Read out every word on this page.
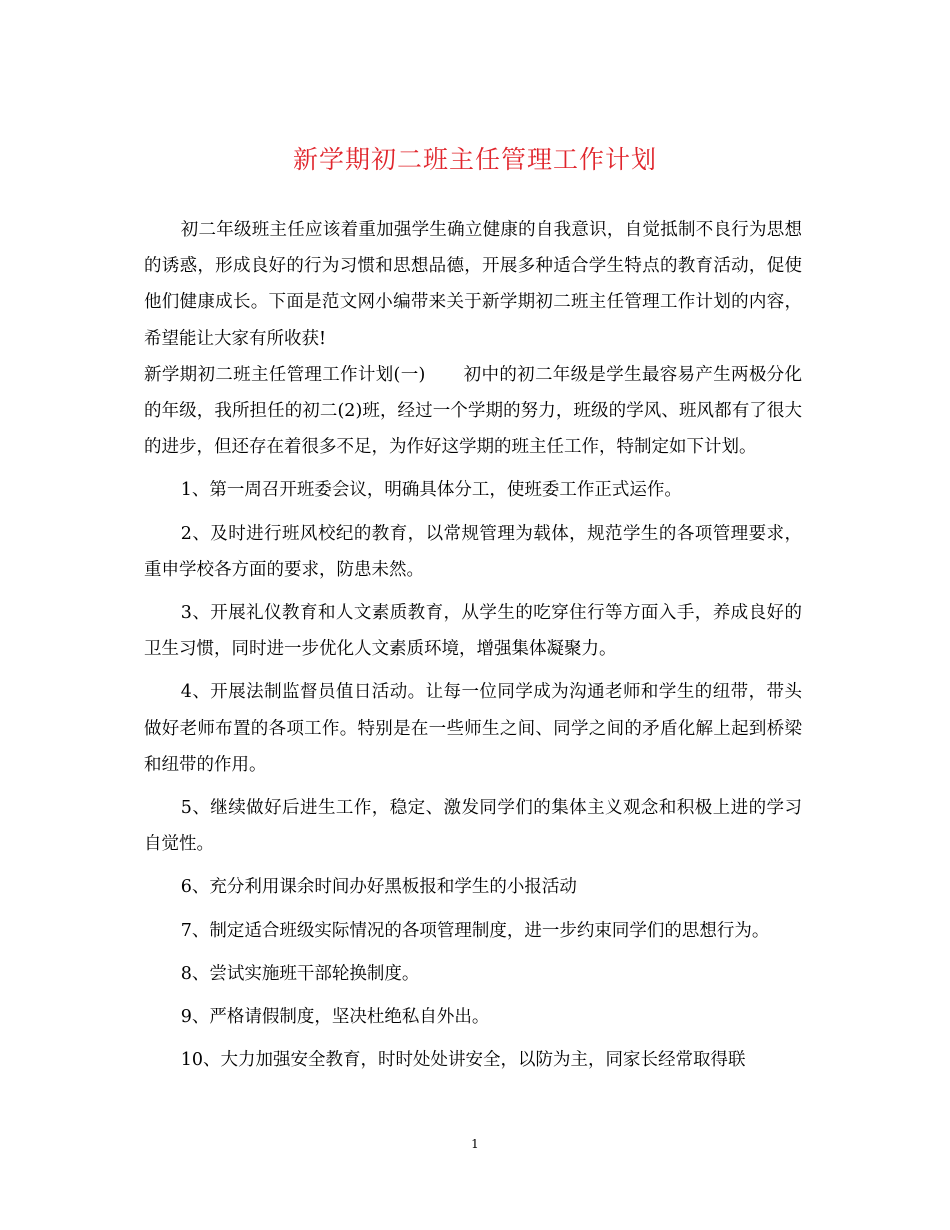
新学期初二班主任管理工作计划

初二年级班主任应该着重加强学生确立健康的自我意识，自觉抵制不良行为思想的诱惑，形成良好的行为习惯和思想品德，开展多种适合学生特点的教育活动，促使他们健康成长。下面是范文网小编带来关于新学期初二班主任管理工作计划的内容，希望能让大家有所收获!

新学期初二班主任管理工作计划(一) 初中的初二年级是学生最容易产生两极分化的年级，我所担任的初二(2)班，经过一个学期的努力，班级的学风、班风都有了很大的进步，但还存在着很多不足，为作好这学期的班主任工作，特制定如下计划。

1、第一周召开班委会议，明确具体分工，使班委工作正式运作。

2、及时进行班风校纪的教育，以常规管理为载体，规范学生的各项管理要求，重申学校各方面的要求，防患未然。

3、开展礼仪教育和人文素质教育，从学生的吃穿住行等方面入手，养成良好的卫生习惯，同时进一步优化人文素质环境，增强集体凝聚力。

4、开展法制监督员值日活动。让每一位同学成为沟通老师和学生的纽带，带头做好老师布置的各项工作。特别是在一些师生之间、同学之间的矛盾化解上起到桥梁和纽带的作用。

5、继续做好后进生工作，稳定、激发同学们的集体主义观念和积极上进的学习自觉性。

6、充分利用课余时间办好黑板报和学生的小报活动

7、制定适合班级实际情况的各项管理制度，进一步约束同学们的思想行为。

8、尝试实施班干部轮换制度。

9、严格请假制度，坚决杜绝私自外出。

10、大力加强安全教育，时时处处讲安全，以防为主，同家长经常取得联

1
